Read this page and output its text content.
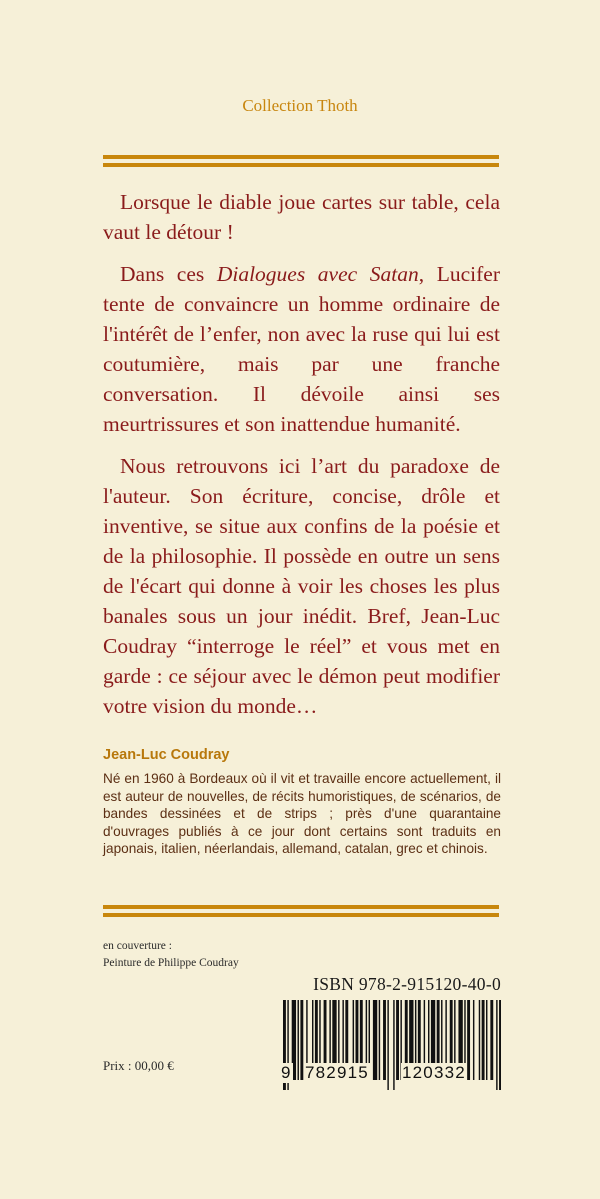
Collection Thoth

Lorsque le diable joue cartes sur table, cela vaut le détour !

Dans ces Dialogues avec Satan, Lucifer tente de convaincre un homme ordinaire de l'intérêt de l’enfer, non avec la ruse qui lui est coutumière, mais par une franche conversation. Il dévoile ainsi ses meurtrissures et son inattendue humanité.

Nous retrouvons ici l’art du paradoxe de l'auteur. Son écriture, concise, drôle et inventive, se situe aux confins de la poésie et de la philosophie. Il possède en outre un sens de l'écart qui donne à voir les choses les plus banales sous un jour inédit. Bref, Jean-Luc Coudray “interroge le réel” et vous met en garde : ce séjour avec le démon peut modifier votre vision du monde…

Jean-Luc Coudray

Né en 1960 à Bordeaux où il vit et travaille encore actuellement, il est auteur de nouvelles, de récits humoristiques, de scénarios, de bandes dessinées et de strips ; près d'une quarantaine d'ouvrages publiés à ce jour dont certains sont traduits en japonais, italien, néerlandais, allemand, catalan, grec et chinois.

en couverture :
Peinture de Philippe Coudray
ISBN 978-2-915120-40-0
Prix : 00,00 €	9 782915 120332
